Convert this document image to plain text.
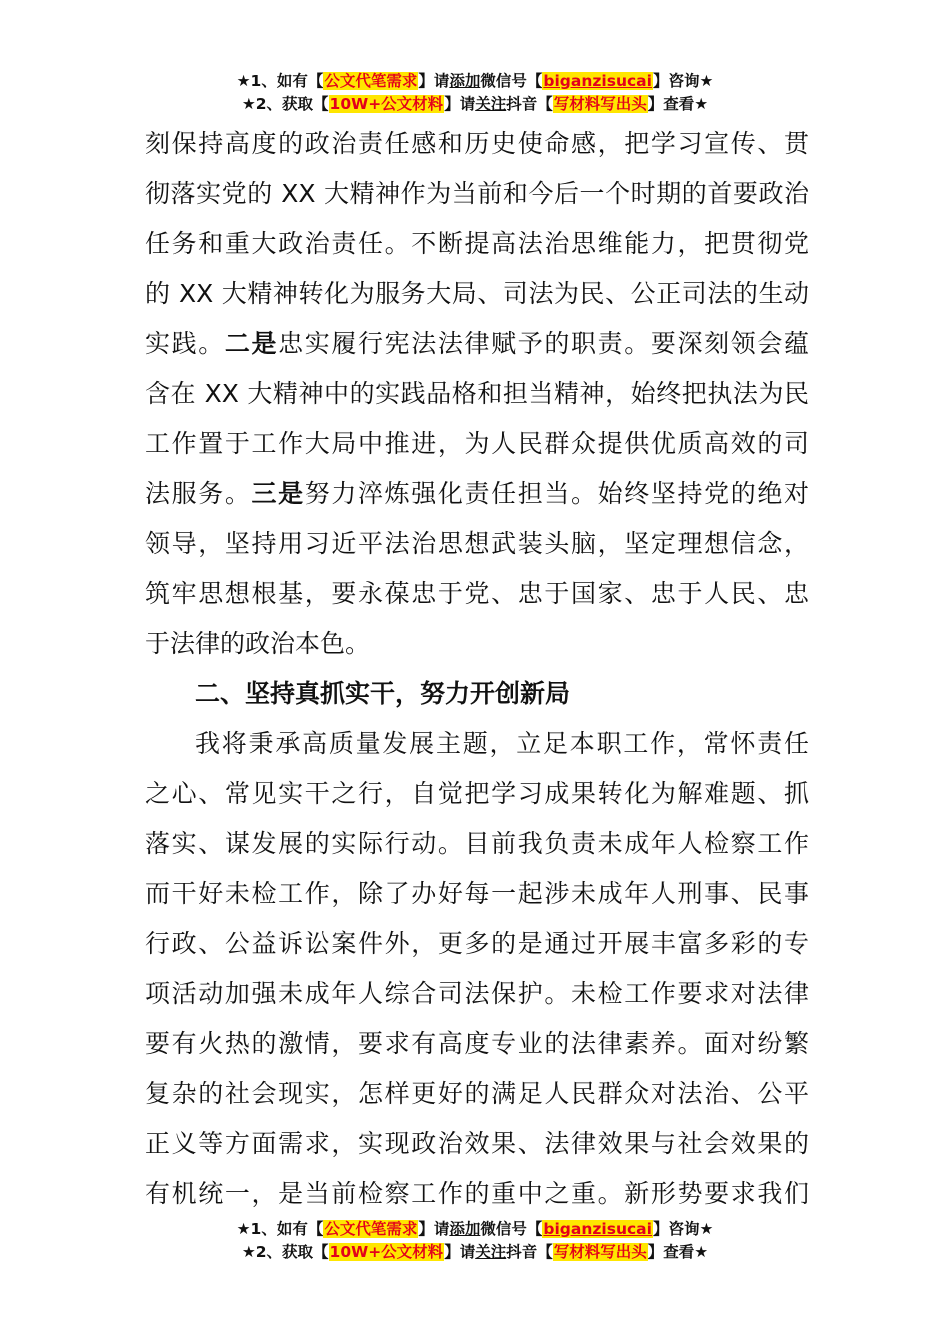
★1、如有【公文代笔需求】请添加微信号【biganzisucai】咨询★
★2、获取【10W+公文材料】请关注抖音【写材料写出头】查看★
刻保持高度的政治责任感和历史使命感，把学习宣传、贯
彻落实党的 XX 大精神作为当前和今后一个时期的首要政治
任务和重大政治责任。不断提高法治思维能力，把贯彻党
的 XX 大精神转化为服务大局、司法为民、公正司法的生动
实践。二是忠实履行宪法法律赋予的职责。要深刻领会蕴
含在 XX 大精神中的实践品格和担当精神，始终把执法为民
工作置于工作大局中推进，为人民群众提供优质高效的司
法服务。三是努力淬炼强化责任担当。始终坚持党的绝对
领导，坚持用习近平法治思想武装头脑，坚定理想信念，
筑牢思想根基，要永葆忠于党、忠于国家、忠于人民、忠
于法律的政治本色。

二、坚持真抓实干，努力开创新局

我将秉承高质量发展主题，立足本职工作，常怀责任
之心、常见实干之行，自觉把学习成果转化为解难题、抓
落实、谋发展的实际行动。目前我负责未成年人检察工作
而干好未检工作，除了办好每一起涉未成年人刑事、民事
行政、公益诉讼案件外，更多的是通过开展丰富多彩的专
项活动加强未成年人综合司法保护。未检工作要求对法律
要有火热的激情，要求有高度专业的法律素养。面对纷繁
复杂的社会现实，怎样更好的满足人民群众对法治、公平
正义等方面需求，实现政治效果、法律效果与社会效果的
有机统一，是当前检察工作的重中之重。新形势要求我们
★1、如有【公文代笔需求】请添加微信号【biganzisucai】咨询★
★2、获取【10W+公文材料】请关注抖音【写材料写出头】查看★
